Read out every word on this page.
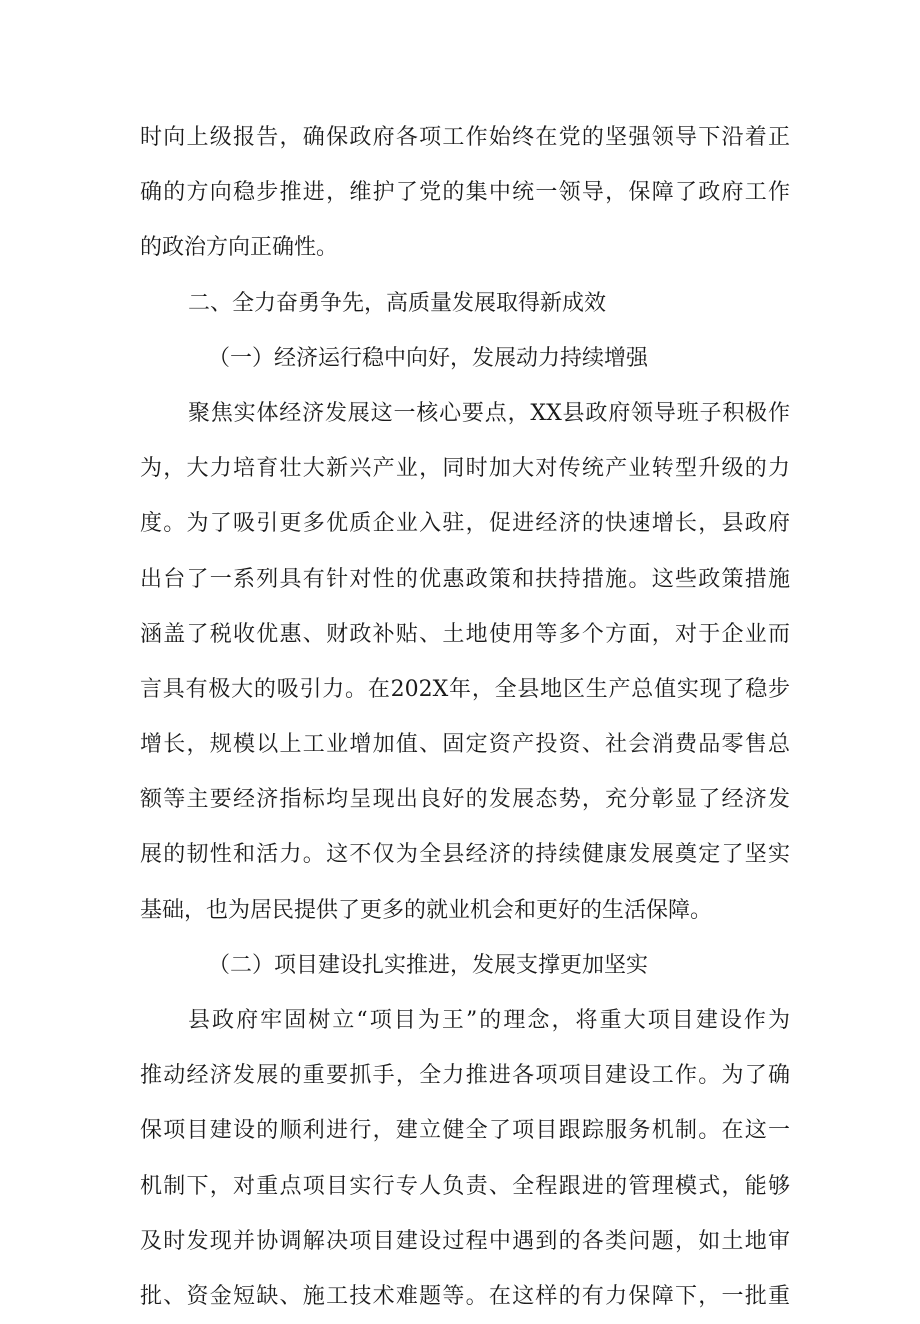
时向上级报告，确保政府各项工作始终在党的坚强领导下沿着正
确的方向稳步推进，维护了党的集中统一领导，保障了政府工作
的政治方向正确性。
二、全力奋勇争先，高质量发展取得新成效
（一）经济运行稳中向好，发展动力持续增强
聚焦实体经济发展这一核心要点，XX县政府领导班子积极作
为，大力培育壮大新兴产业，同时加大对传统产业转型升级的力
度。为了吸引更多优质企业入驻，促进经济的快速增长，县政府
出台了一系列具有针对性的优惠政策和扶持措施。这些政策措施
涵盖了税收优惠、财政补贴、土地使用等多个方面，对于企业而
言具有极大的吸引力。在202X年，全县地区生产总值实现了稳步
增长，规模以上工业增加值、固定资产投资、社会消费品零售总
额等主要经济指标均呈现出良好的发展态势，充分彰显了经济发
展的韧性和活力。这不仅为全县经济的持续健康发展奠定了坚实
基础，也为居民提供了更多的就业机会和更好的生活保障。
（二）项目建设扎实推进，发展支撑更加坚实
县政府牢固树立“项目为王”的理念，将重大项目建设作为
推动经济发展的重要抓手，全力推进各项项目建设工作。为了确
保项目建设的顺利进行，建立健全了项目跟踪服务机制。在这一
机制下，对重点项目实行专人负责、全程跟进的管理模式，能够
及时发现并协调解决项目建设过程中遇到的各类问题，如土地审
批、资金短缺、施工技术难题等。在这样的有力保障下，一批重
